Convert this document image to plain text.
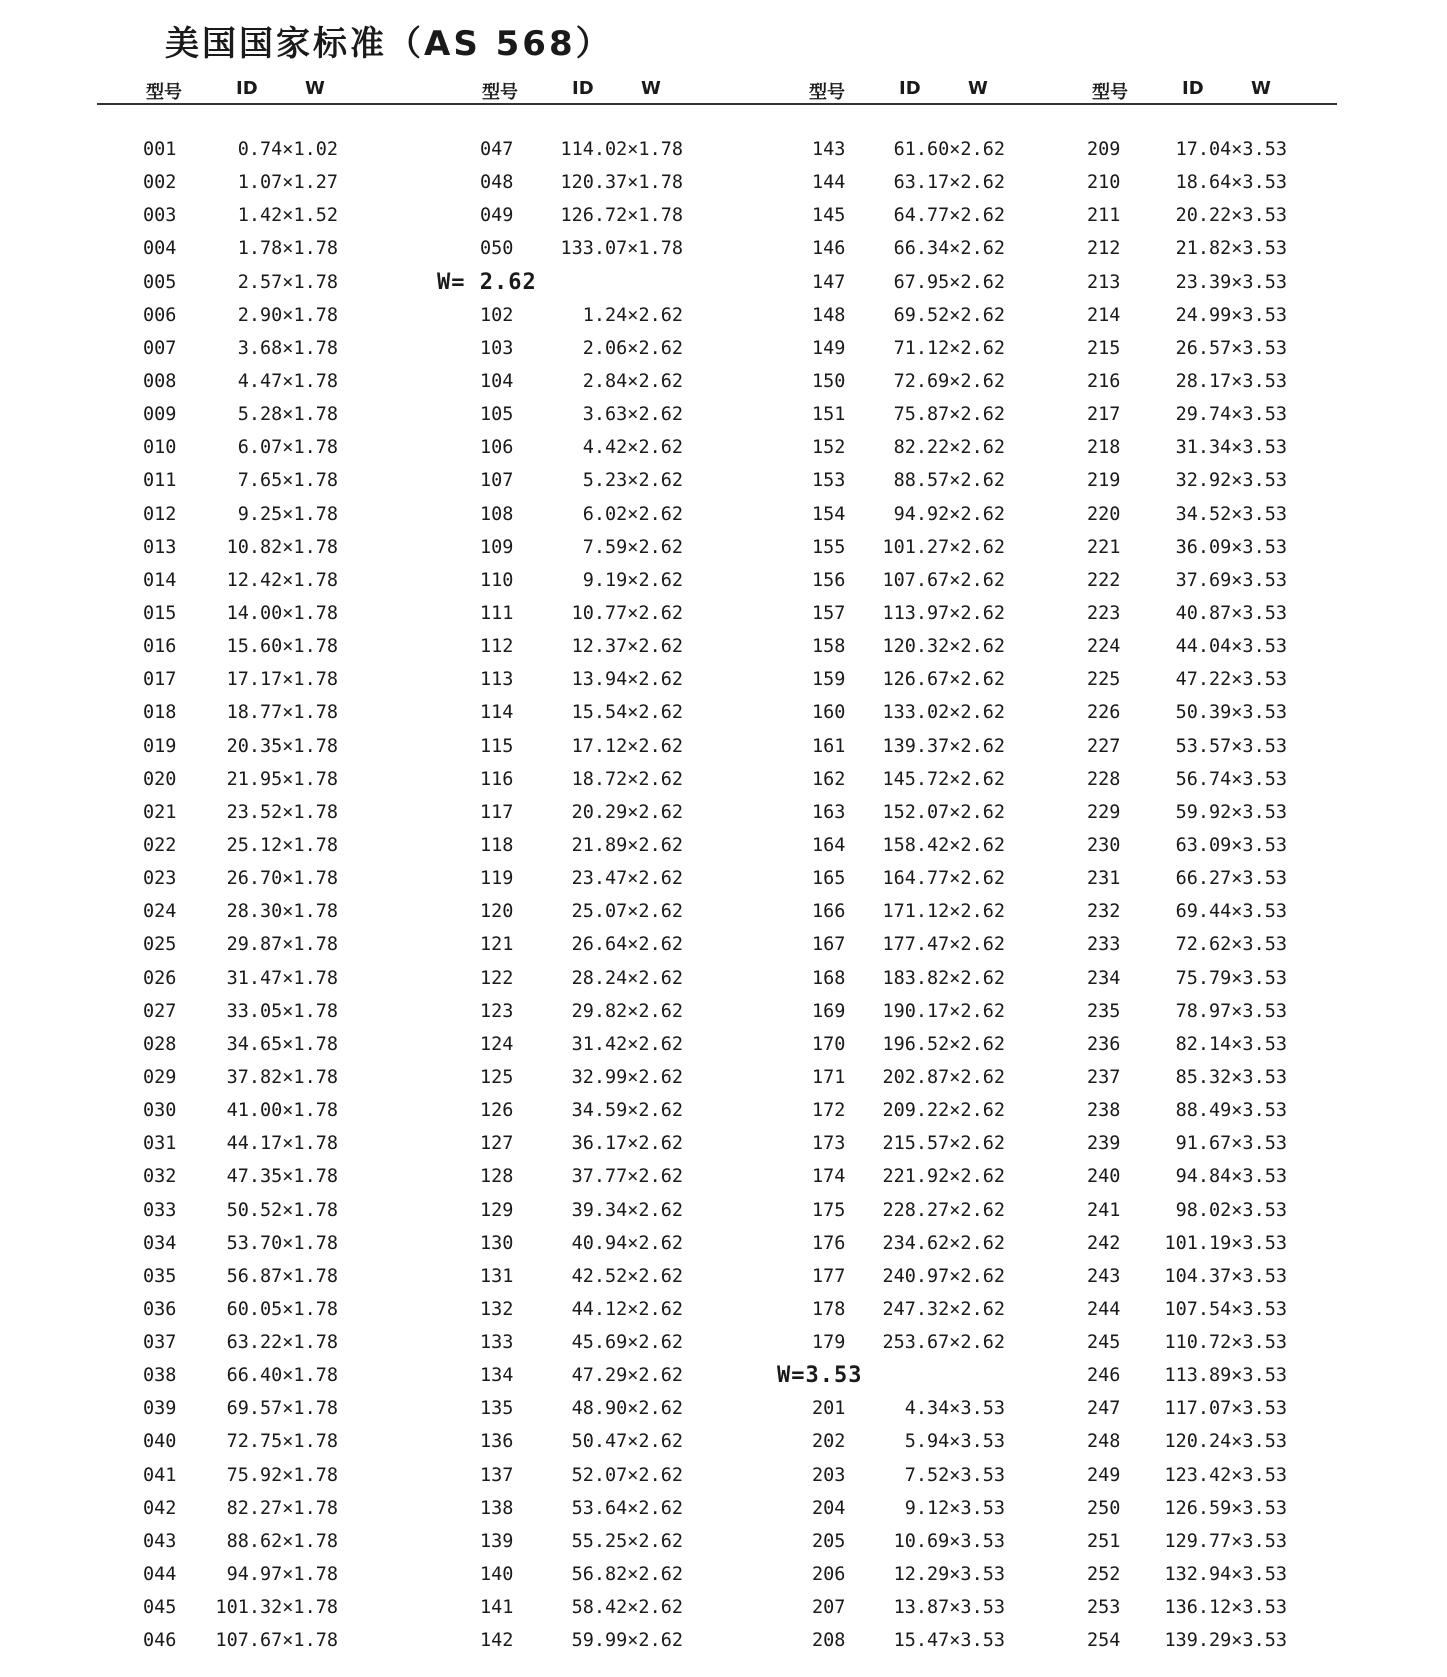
美国国家标准（AS 568）
型号	ID	W	型号	ID	W	型号	ID	W	型号	ID	W
001	0.74×1.02
002	1.07×1.27
003	1.42×1.52
004	1.78×1.78
005	2.57×1.78
006	2.90×1.78
007	3.68×1.78
008	4.47×1.78
009	5.28×1.78
010	6.07×1.78
011	7.65×1.78
012	9.25×1.78
013	10.82×1.78
014	12.42×1.78
015	14.00×1.78
016	15.60×1.78
017	17.17×1.78
018	18.77×1.78
019	20.35×1.78
020	21.95×1.78
021	23.52×1.78
022	25.12×1.78
023	26.70×1.78
024	28.30×1.78
025	29.87×1.78
026	31.47×1.78
027	33.05×1.78
028	34.65×1.78
029	37.82×1.78
030	41.00×1.78
031	44.17×1.78
032	47.35×1.78
033	50.52×1.78
034	53.70×1.78
035	56.87×1.78
036	60.05×1.78
037	63.22×1.78
038	66.40×1.78
039	69.57×1.78
040	72.75×1.78
041	75.92×1.78
042	82.27×1.78
043	88.62×1.78
044	94.97×1.78
045	101.32×1.78
046	107.67×1.78
047	114.02×1.78
048	120.37×1.78
049	126.72×1.78
050	133.07×1.78
W= 2.62
102	1.24×2.62
103	2.06×2.62
104	2.84×2.62
105	3.63×2.62
106	4.42×2.62
107	5.23×2.62
108	6.02×2.62
109	7.59×2.62
110	9.19×2.62
111	10.77×2.62
112	12.37×2.62
113	13.94×2.62
114	15.54×2.62
115	17.12×2.62
116	18.72×2.62
117	20.29×2.62
118	21.89×2.62
119	23.47×2.62
120	25.07×2.62
121	26.64×2.62
122	28.24×2.62
123	29.82×2.62
124	31.42×2.62
125	32.99×2.62
126	34.59×2.62
127	36.17×2.62
128	37.77×2.62
129	39.34×2.62
130	40.94×2.62
131	42.52×2.62
132	44.12×2.62
133	45.69×2.62
134	47.29×2.62
135	48.90×2.62
136	50.47×2.62
137	52.07×2.62
138	53.64×2.62
139	55.25×2.62
140	56.82×2.62
141	58.42×2.62
142	59.99×2.62
143	61.60×2.62
144	63.17×2.62
145	64.77×2.62
146	66.34×2.62
147	67.95×2.62
148	69.52×2.62
149	71.12×2.62
150	72.69×2.62
151	75.87×2.62
152	82.22×2.62
153	88.57×2.62
154	94.92×2.62
155	101.27×2.62
156	107.67×2.62
157	113.97×2.62
158	120.32×2.62
159	126.67×2.62
160	133.02×2.62
161	139.37×2.62
162	145.72×2.62
163	152.07×2.62
164	158.42×2.62
165	164.77×2.62
166	171.12×2.62
167	177.47×2.62
168	183.82×2.62
169	190.17×2.62
170	196.52×2.62
171	202.87×2.62
172	209.22×2.62
173	215.57×2.62
174	221.92×2.62
175	228.27×2.62
176	234.62×2.62
177	240.97×2.62
178	247.32×2.62
179	253.67×2.62
W=3.53
201	4.34×3.53
202	5.94×3.53
203	7.52×3.53
204	9.12×3.53
205	10.69×3.53
206	12.29×3.53
207	13.87×3.53
208	15.47×3.53
209	17.04×3.53
210	18.64×3.53
211	20.22×3.53
212	21.82×3.53
213	23.39×3.53
214	24.99×3.53
215	26.57×3.53
216	28.17×3.53
217	29.74×3.53
218	31.34×3.53
219	32.92×3.53
220	34.52×3.53
221	36.09×3.53
222	37.69×3.53
223	40.87×3.53
224	44.04×3.53
225	47.22×3.53
226	50.39×3.53
227	53.57×3.53
228	56.74×3.53
229	59.92×3.53
230	63.09×3.53
231	66.27×3.53
232	69.44×3.53
233	72.62×3.53
234	75.79×3.53
235	78.97×3.53
236	82.14×3.53
237	85.32×3.53
238	88.49×3.53
239	91.67×3.53
240	94.84×3.53
241	98.02×3.53
242	101.19×3.53
243	104.37×3.53
244	107.54×3.53
245	110.72×3.53
246	113.89×3.53
247	117.07×3.53
248	120.24×3.53
249	123.42×3.53
250	126.59×3.53
251	129.77×3.53
252	132.94×3.53
253	136.12×3.53
254	139.29×3.53
